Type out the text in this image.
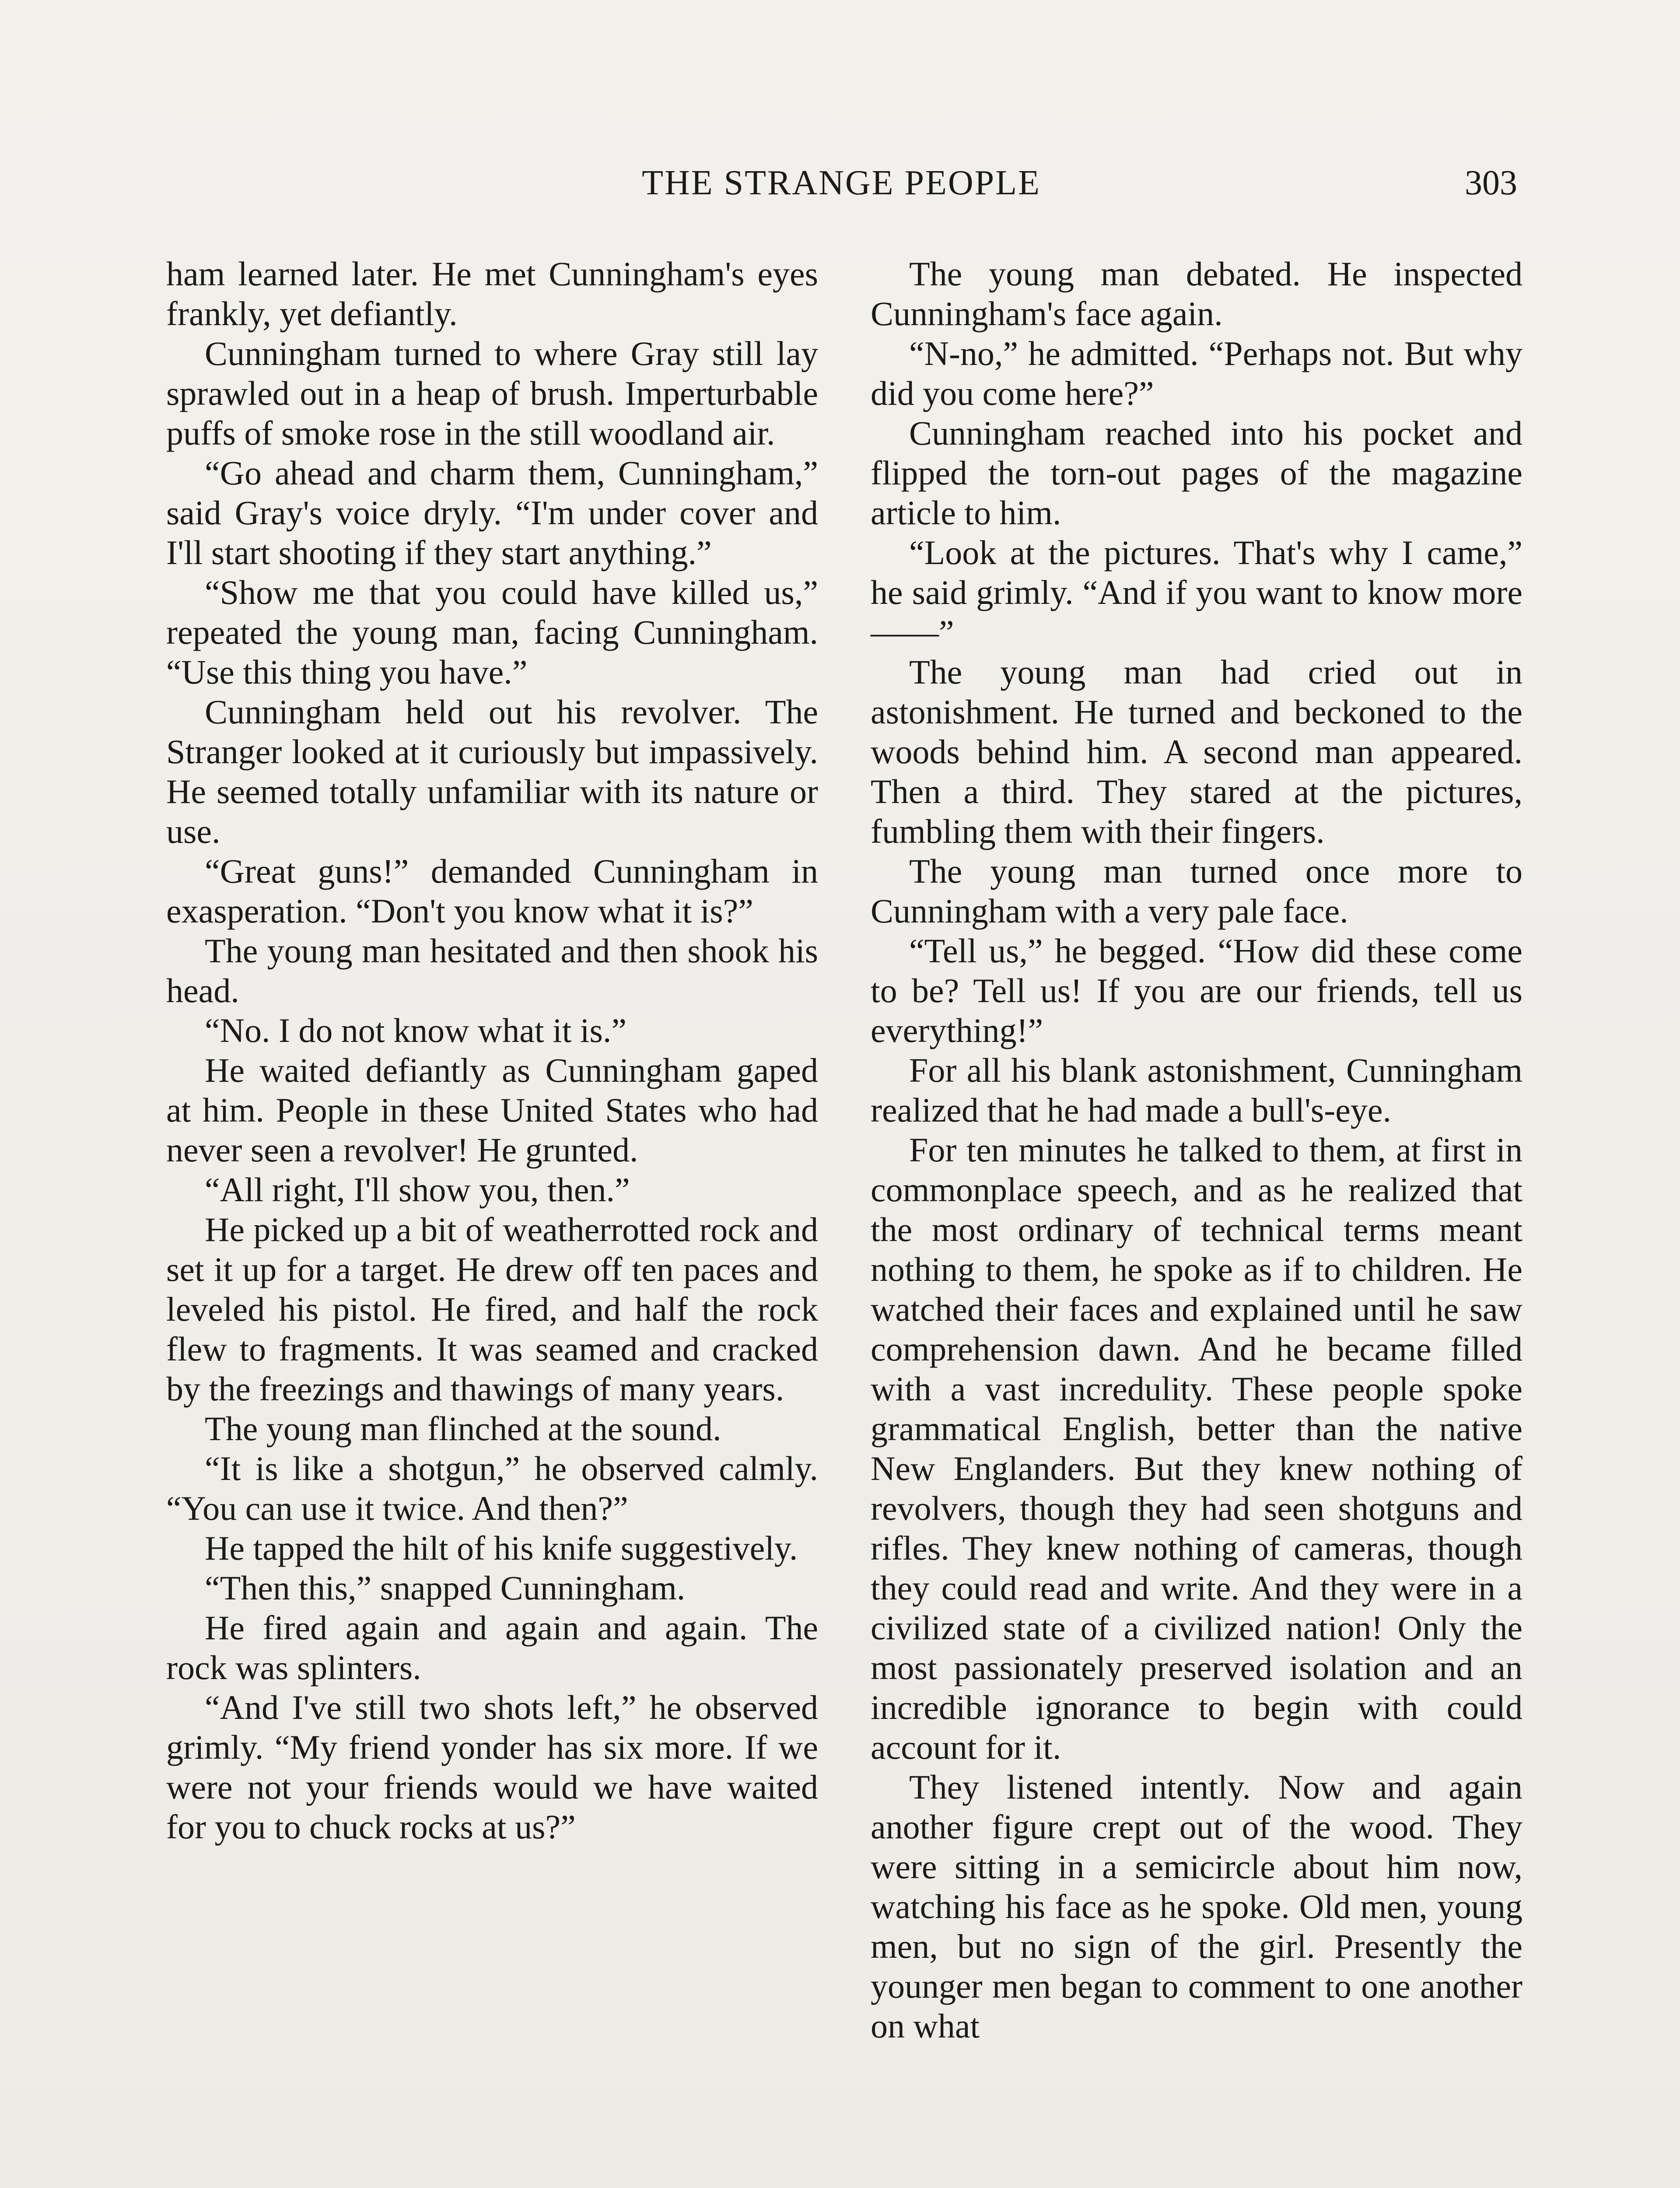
THE STRANGE PEOPLE	303

ham learned later. He met Cunningham's eyes frankly, yet defiantly.

Cunningham turned to where Gray still lay sprawled out in a heap of brush. Imperturbable puffs of smoke rose in the still woodland air.

“Go ahead and charm them, Cunningham,” said Gray's voice dryly. “I'm under cover and I'll start shooting if they start anything.”

“Show me that you could have killed us,” repeated the young man, facing Cunningham. “Use this thing you have.”

Cunningham held out his revolver. The Stranger looked at it curiously but impassively. He seemed totally unfamiliar with its nature or use.

“Great guns!” demanded Cunningham in exasperation. “Don't you know what it is?”

The young man hesitated and then shook his head.

“No. I do not know what it is.”

He waited defiantly as Cunningham gaped at him. People in these United States who had never seen a revolver! He grunted.

“All right, I'll show you, then.”

He picked up a bit of weatherrotted rock and set it up for a target. He drew off ten paces and leveled his pistol. He fired, and half the rock flew to fragments. It was seamed and cracked by the freezings and thawings of many years.

The young man flinched at the sound.

“It is like a shotgun,” he observed calmly. “You can use it twice. And then?”

He tapped the hilt of his knife suggestively.

“Then this,” snapped Cunningham.

He fired again and again and again. The rock was splinters.

“And I've still two shots left,” he observed grimly. “My friend yonder has six more. If we were not your friends would we have waited for you to chuck rocks at us?”

The young man debated. He inspected Cunningham's face again.

“N-no,” he admitted. “Perhaps not. But why did you come here?”

Cunningham reached into his pocket and flipped the torn-out pages of the magazine article to him.

“Look at the pictures. That's why I came,” he said grimly. “And if you want to know more——”

The young man had cried out in astonishment. He turned and beckoned to the woods behind him. A second man appeared. Then a third. They stared at the pictures, fumbling them with their fingers.

The young man turned once more to Cunningham with a very pale face.

“Tell us,” he begged. “How did these come to be? Tell us! If you are our friends, tell us everything!”

For all his blank astonishment, Cunningham realized that he had made a bull's-eye.

For ten minutes he talked to them, at first in commonplace speech, and as he realized that the most ordinary of technical terms meant nothing to them, he spoke as if to children. He watched their faces and explained until he saw comprehension dawn. And he became filled with a vast incredulity. These people spoke grammatical English, better than the native New Englanders. But they knew nothing of revolvers, though they had seen shotguns and rifles. They knew nothing of cameras, though they could read and write. And they were in a civilized state of a civilized nation! Only the most passionately preserved isolation and an incredible ignorance to begin with could account for it.

They listened intently. Now and again another figure crept out of the wood. They were sitting in a semicircle about him now, watching his face as he spoke. Old men, young men, but no sign of the girl. Presently the younger men began to comment to one another on what
